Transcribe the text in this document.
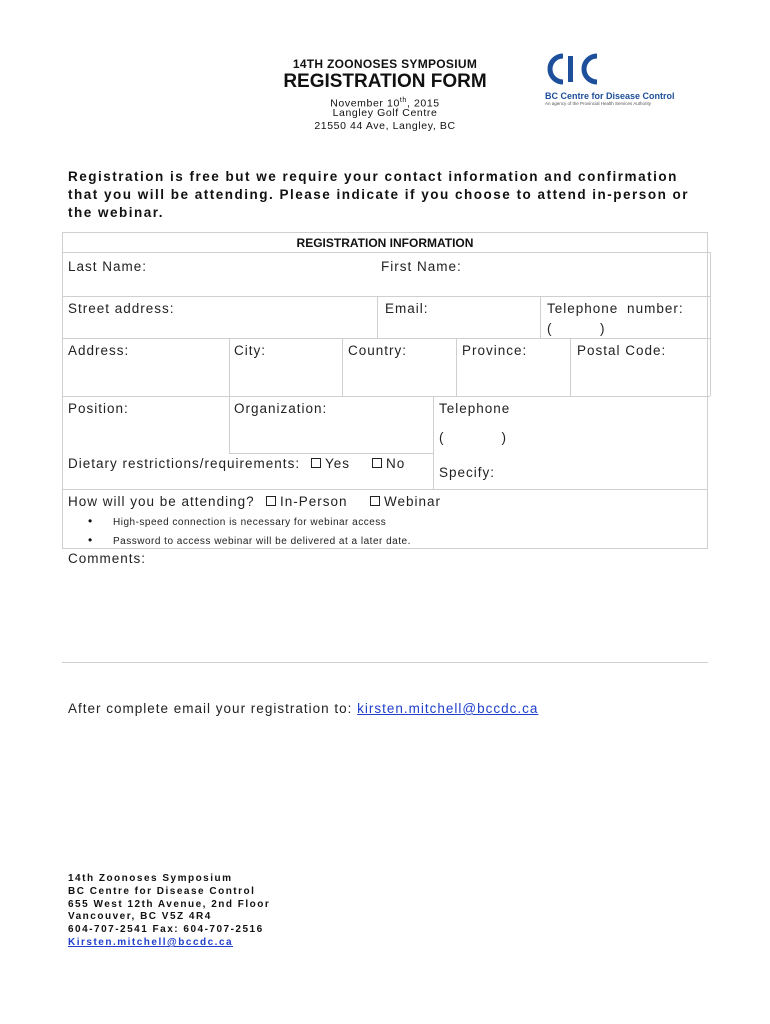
14TH ZOONOSES SYMPOSIUM
REGISTRATION FORM
November 10th, 2015
Langley Golf Centre
21550 44 Ave, Langley, BC
BC Centre for Disease Control
An agency of the Provincial Health Services Authority
Registration is free but we require your contact information and confirmation
that you will be attending. Please indicate if you choose to attend in-person or
the webinar.
REGISTRATION INFORMATION
Last Name:	First Name:
Street address:	Email:	Telephone number:
(          )
Address:	City:	Country:	Province:	Postal Code:
Position:	Organization:	Telephone
(            )
Dietary restrictions/requirements:	Yes	No
Specify:
How will you be attending?	In-Person	Webinar
• High-speed connection is necessary for webinar access
• Password to access webinar will be delivered at a later date.
Comments:
After complete email your registration to: kirsten.mitchell@bccdc.ca
14th Zoonoses Symposium
BC Centre for Disease Control
655 West 12th Avenue, 2nd Floor
Vancouver, BC V5Z 4R4
604-707-2541 Fax: 604-707-2516
Kirsten.mitchell@bccdc.ca
